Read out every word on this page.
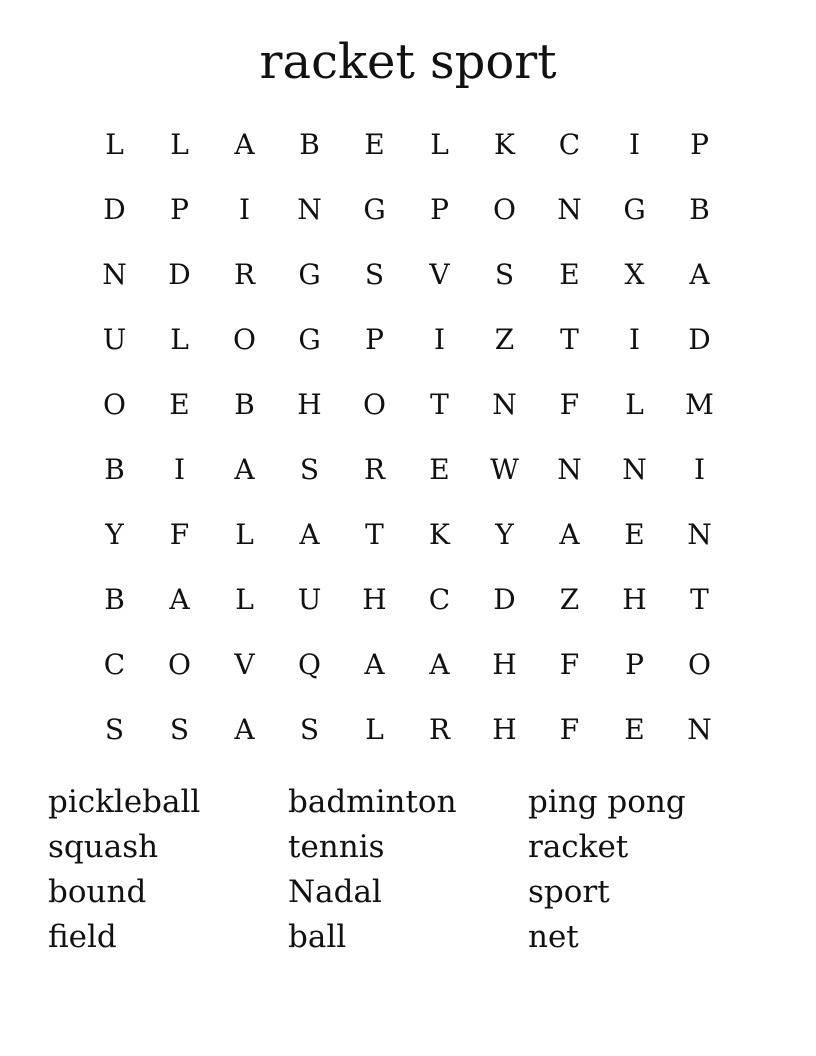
racket sport
L	L	A	B	E	L	K	C	I	P
D	P	I	N	G	P	O	N	G	B
N	D	R	G	S	V	S	E	X	A
U	L	O	G	P	I	Z	T	I	D
O	E	B	H	O	T	N	F	L	M
B	I	A	S	R	E	W	N	N	I
Y	F	L	A	T	K	Y	A	E	N
B	A	L	U	H	C	D	Z	H	T
C	O	V	Q	A	A	H	F	P	O
S	S	A	S	L	R	H	F	E	N
pickleball	badminton	ping pong
squash	tennis	racket
bound	Nadal	sport
field	ball	net
